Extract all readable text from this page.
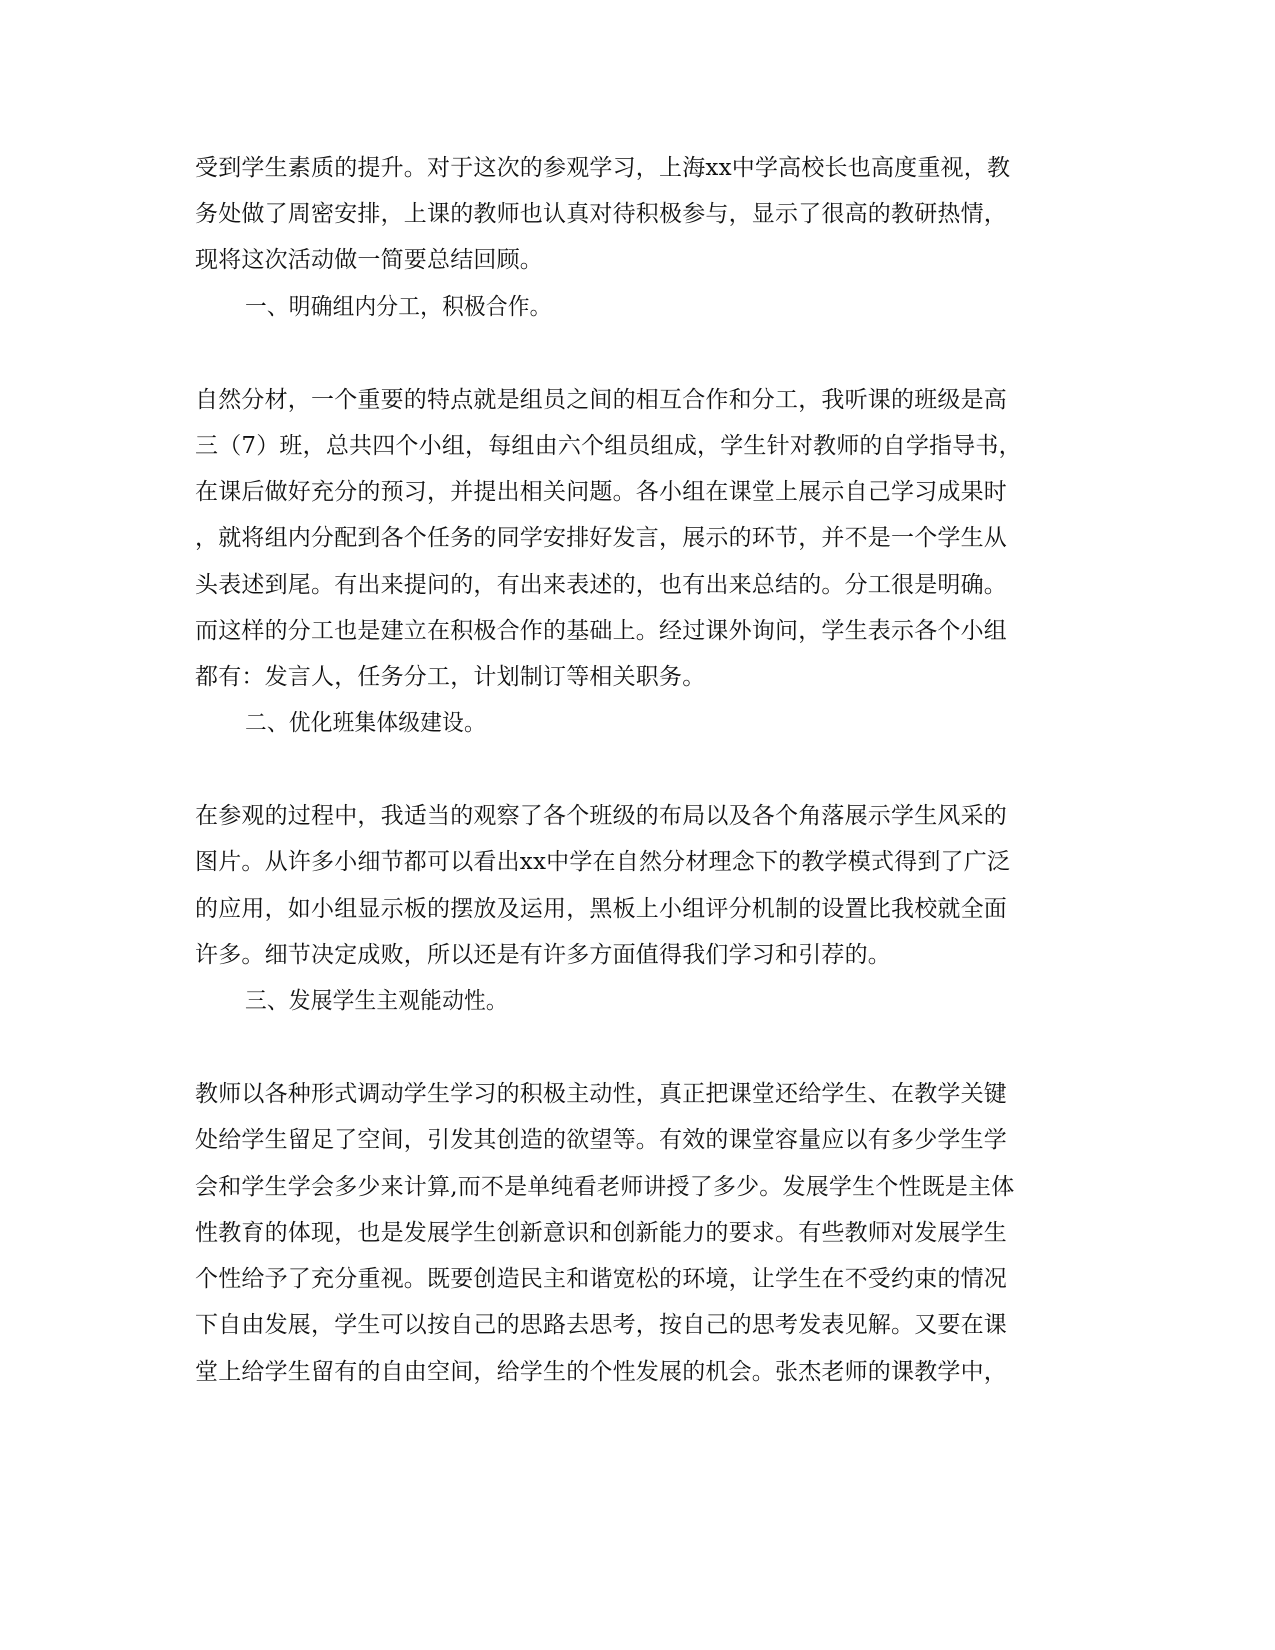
受到学生素质的提升。对于这次的参观学习，上海xx中学高校长也高度重视，教
务处做了周密安排，上课的教师也认真对待积极参与，显示了很高的教研热情，
现将这次活动做一简要总结回顾。
一、明确组内分工，积极合作。
自然分材，一个重要的特点就是组员之间的相互合作和分工，我听课的班级是高
三（7）班，总共四个小组，每组由六个组员组成，学生针对教师的自学指导书，
在课后做好充分的预习，并提出相关问题。各小组在课堂上展示自己学习成果时
，就将组内分配到各个任务的同学安排好发言，展示的环节，并不是一个学生从
头表述到尾。有出来提问的，有出来表述的，也有出来总结的。分工很是明确。
而这样的分工也是建立在积极合作的基础上。经过课外询问，学生表示各个小组
都有：发言人，任务分工，计划制订等相关职务。
二、优化班集体级建设。
在参观的过程中，我适当的观察了各个班级的布局以及各个角落展示学生风采的
图片。从许多小细节都可以看出xx中学在自然分材理念下的教学模式得到了广泛
的应用，如小组显示板的摆放及运用，黑板上小组评分机制的设置比我校就全面
许多。细节决定成败，所以还是有许多方面值得我们学习和引荐的。
三、发展学生主观能动性。
教师以各种形式调动学生学习的积极主动性，真正把课堂还给学生、在教学关键
处给学生留足了空间，引发其创造的欲望等。有效的课堂容量应以有多少学生学
会和学生学会多少来计算,而不是单纯看老师讲授了多少。发展学生个性既是主体
性教育的体现，也是发展学生创新意识和创新能力的要求。有些教师对发展学生
个性给予了充分重视。既要创造民主和谐宽松的环境，让学生在不受约束的情况
下自由发展，学生可以按自己的思路去思考，按自己的思考发表见解。又要在课
堂上给学生留有的自由空间，给学生的个性发展的机会。张杰老师的课教学中，
